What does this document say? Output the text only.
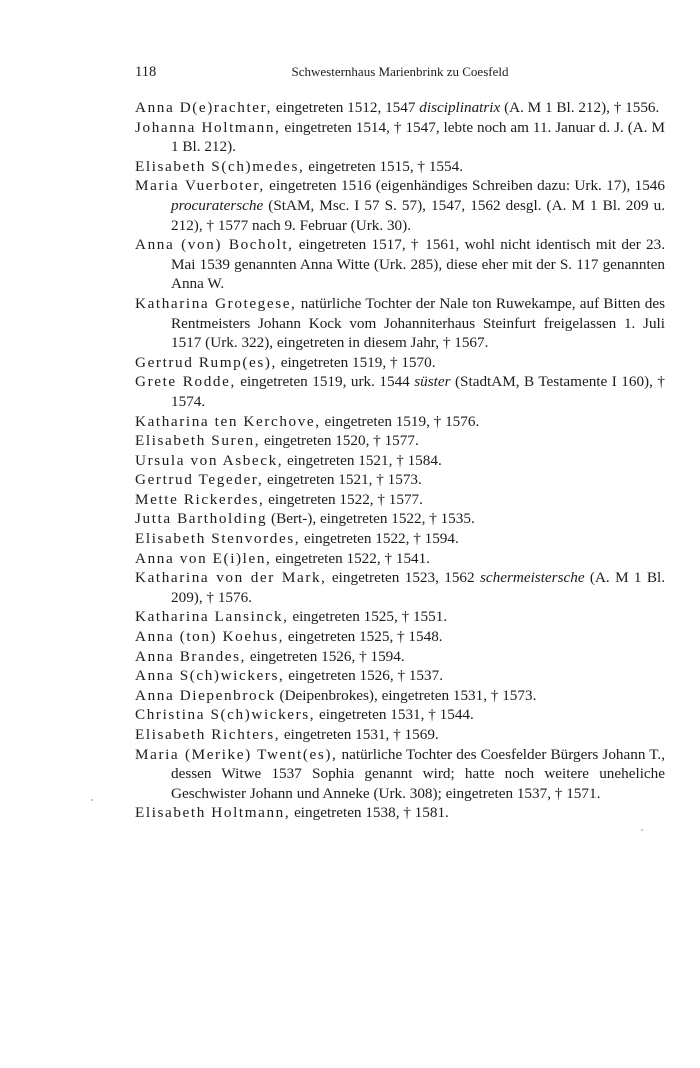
118	Schwesternhaus Marienbrink zu Coesfeld

Anna D(e)rachter, eingetreten 1512, 1547 disciplinatrix (A. M 1 Bl. 212), † 1556.

Johanna Holtmann, eingetreten 1514, † 1547, lebte noch am 11. Januar d. J. (A. M 1 Bl. 212).

Elisabeth S(ch)medes, eingetreten 1515, † 1554.

Maria Vuerboter, eingetreten 1516 (eigenhändiges Schreiben dazu: Urk. 17), 1546 procuratersche (StAM, Msc. I 57 S. 57), 1547, 1562 desgl. (A. M 1 Bl. 209 u. 212), † 1577 nach 9. Februar (Urk. 30).

Anna (von) Bocholt, eingetreten 1517, † 1561, wohl nicht identisch mit der 23. Mai 1539 genannten Anna Witte (Urk. 285), diese eher mit der S. 117 genannten Anna W.

Katharina Grotegese, natürliche Tochter der Nale ton Ruwekampe, auf Bitten des Rentmeisters Johann Kock vom Johanniterhaus Steinfurt freigelassen 1. Juli 1517 (Urk. 322), eingetreten in diesem Jahr, † 1567.

Gertrud Rump(es), eingetreten 1519, † 1570.

Grete Rodde, eingetreten 1519, urk. 1544 süster (StadtAM, B Testamente I 160), † 1574.

Katharina ten Kerchove, eingetreten 1519, † 1576.

Elisabeth Suren, eingetreten 1520, † 1577.

Ursula von Asbeck, eingetreten 1521, † 1584.

Gertrud Tegeder, eingetreten 1521, † 1573.

Mette Rickerdes, eingetreten 1522, † 1577.

Jutta Bartholding (Bert-), eingetreten 1522, † 1535.

Elisabeth Stenvordes, eingetreten 1522, † 1594.

Anna von E(i)len, eingetreten 1522, † 1541.

Katharina von der Mark, eingetreten 1523, 1562 schermeistersche (A. M 1 Bl. 209), † 1576.

Katharina Lansinck, eingetreten 1525, † 1551.

Anna (ton) Koehus, eingetreten 1525, † 1548.

Anna Brandes, eingetreten 1526, † 1594.

Anna S(ch)wickers, eingetreten 1526, † 1537.

Anna Diepenbrock (Deipenbrokes), eingetreten 1531, † 1573.

Christina S(ch)wickers, eingetreten 1531, † 1544.

Elisabeth Richters, eingetreten 1531, † 1569.

Maria (Merike) Twent(es), natürliche Tochter des Coesfelder Bürgers Johann T., dessen Witwe 1537 Sophia genannt wird; hatte noch weitere uneheliche Geschwister Johann und Anneke (Urk. 308); eingetreten 1537, † 1571.

Elisabeth Holtmann, eingetreten 1538, † 1581.
